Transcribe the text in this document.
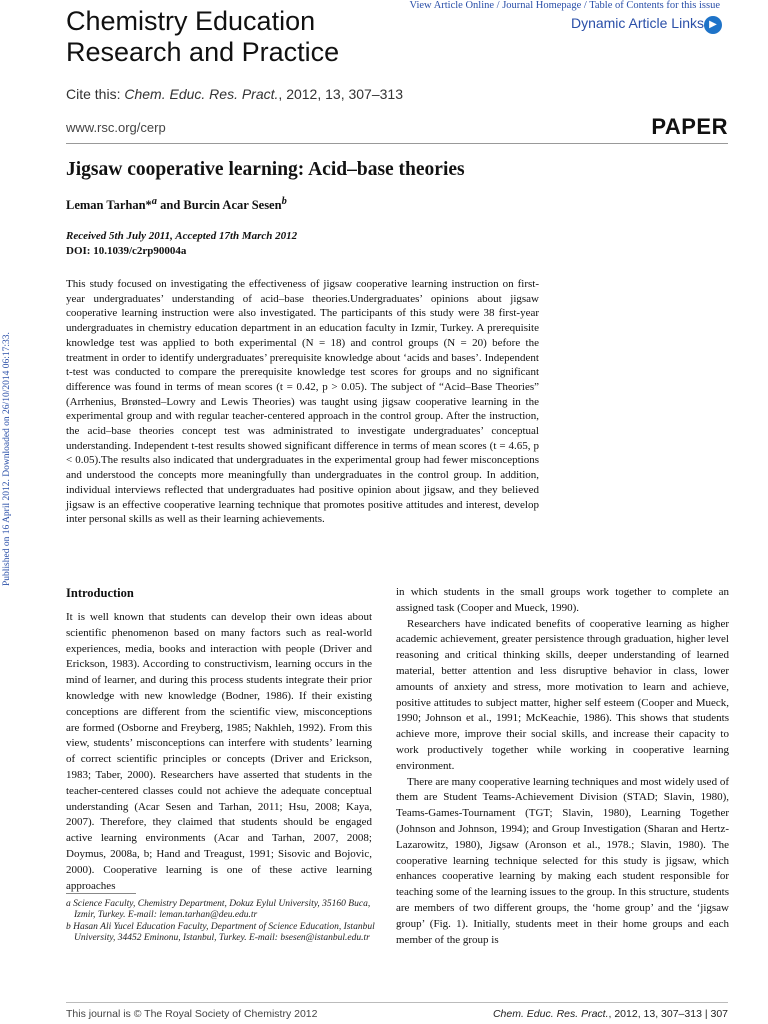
Chemistry Education
Research and Practice
View Article Online / Journal Homepage / Table of Contents for this issue
Dynamic Article Links ▶
Cite this: Chem. Educ. Res. Pract., 2012, 13, 307–313
www.rsc.org/cerp	PAPER
Jigsaw cooperative learning: Acid–base theories
Leman Tarhan*$^a$ and Burcin Acar Sesen$^b$
Received 5th July 2011, Accepted 17th March 2012
DOI: 10.1039/c2rp90004a
This study focused on investigating the effectiveness of jigsaw cooperative learning instruction on first-year undergraduates’ understanding of acid–base theories.Undergraduates’ opinions about jigsaw cooperative learning instruction were also investigated. The participants of this study were 38 first-year undergraduates in chemistry education department in an education faculty in Izmir, Turkey. A prerequisite knowledge test was applied to both experimental (N = 18) and control groups (N = 20) before the treatment in order to identify undergraduates’ prerequisite knowledge about ‘acids and bases’. Independent t-test was conducted to compare the prerequisite knowledge test scores for groups and no significant difference was found in terms of mean scores (t = 0.42, p > 0.05). The subject of “Acid–Base Theories” (Arrhenius, Brønsted–Lowry and Lewis Theories) was taught using jigsaw cooperative learning in the experimental group and with regular teacher-centered approach in the control group. After the instruction, the acid–base theories concept test was administrated to investigate undergraduates’ conceptual understanding. Independent t-test results showed significant difference in terms of mean scores (t = 4.65, p < 0.05).The results also indicated that undergraduates in the experimental group had fewer misconceptions and understood the concepts more meaningfully than undergraduates in the control group. In addition, individual interviews reflected that undergraduates had positive opinion about jigsaw, and they believed jigsaw is an effective cooperative learning technique that promotes positive attitudes and interest, develop inter personal skills as well as their learning achievements.
Published on 16 April 2012. Downloaded on 26/10/2014 06:17:33.
Introduction

It is well known that students can develop their own ideas about scientific phenomenon based on many factors such as real-world experiences, media, books and interaction with people (Driver and Erickson, 1983). According to constructivism, learning occurs in the mind of learner, and during this process students integrate their prior knowledge with new knowledge (Bodner, 1986). If their existing conceptions are different from the scientific view, misconceptions are formed (Osborne and Freyberg, 1985; Nakhleh, 1992). From this view, students’ misconceptions can interfere with students’ learning of correct scientific principles or concepts (Driver and Erickson, 1983; Taber, 2000). Researchers have asserted that students in the teacher-centered classes could not achieve the adequate conceptual understanding (Acar Sesen and Tarhan, 2011; Hsu, 2008; Kaya, 2007). Therefore, they claimed that students should be engaged active learning environments (Acar and Tarhan, 2007, 2008; Doymus, 2008a, b; Hand and Treagust, 1991; Sisovic and Bojovic, 2000). Cooperative learning is one of these active learning approaches

in which students in the small groups work together to complete an assigned task (Cooper and Mueck, 1990).

Researchers have indicated benefits of cooperative learning as higher academic achievement, greater persistence through graduation, higher level reasoning and critical thinking skills, deeper understanding of learned material, better attention and less disruptive behavior in class, lower amounts of anxiety and stress, more motivation to learn and achieve, positive attitudes to subject matter, higher self esteem (Cooper and Mueck, 1990; Johnson et al., 1991; McKeachie, 1986). This shows that students achieve more, improve their social skills, and increase their capacity to work productively together while working in cooperative learning environment.

There are many cooperative learning techniques and most widely used of them are Student Teams-Achievement Division (STAD; Slavin, 1980), Teams-Games-Tournament (TGT; Slavin, 1980), Learning Together (Johnson and Johnson, 1994); and Group Investigation (Sharan and Hertz-Lazarowitz, 1980), Jigsaw (Aronson et al., 1978.; Slavin, 1980). The cooperative learning technique selected for this study is jigsaw, which enhances cooperative learning by making each student responsible for teaching some of the learning issues to the group. In this structure, students are members of two different groups, the ‘home group’ and the ‘jigsaw group’ (Fig. 1). Initially, students meet in their home groups and each member of the group is

a Science Faculty, Chemistry Department, Dokuz Eylul University, 35160 Buca, Izmir, Turkey. E-mail: leman.tarhan@deu.edu.tr
b Hasan Ali Yucel Education Faculty, Department of Science Education, Istanbul University, 34452 Eminonu, Istanbul, Turkey. E-mail: bsesen@istanbul.edu.tr
This journal is © The Royal Society of Chemistry 2012	Chem. Educ. Res. Pract., 2012, 13, 307–313 | 307
